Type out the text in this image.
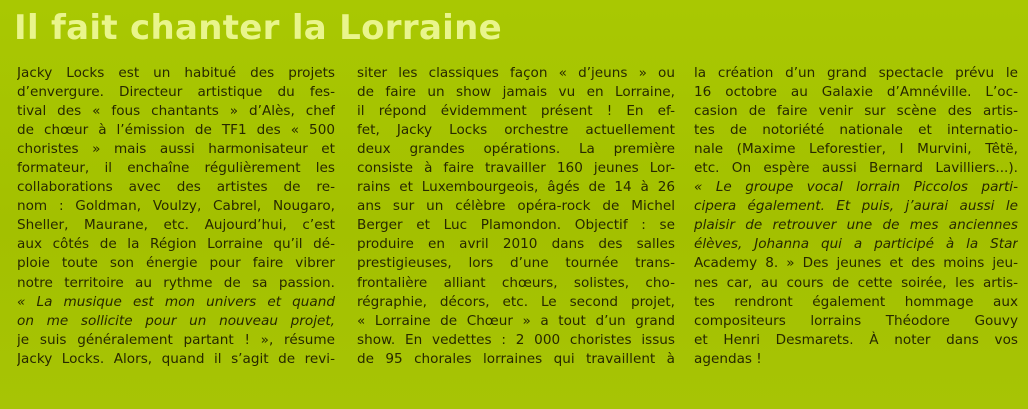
Il fait chanter la Lorraine
Jacky Locks est un habitué des projets
d’envergure. Directeur artistique du fes-
tival des « fous chantants » d’Alès, chef
de chœur à l’émission de TF1 des « 500
choristes » mais aussi harmonisateur et
formateur, il enchaîne régulièrement les
collaborations avec des artistes de re-
nom : Goldman, Voulzy, Cabrel, Nougaro,
Sheller, Maurane, etc. Aujourd’hui, c’est
aux côtés de la Région Lorraine qu’il dé-
ploie toute son énergie pour faire vibrer
notre territoire au rythme de sa passion.
« La musique est mon univers et quand
on me sollicite pour un nouveau projet,
je suis généralement partant ! », résume
Jacky Locks. Alors, quand il s’agit de revi-
siter les classiques façon « d’jeuns » ou
de faire un show jamais vu en Lorraine,
il répond évidemment présent ! En ef-
fet, Jacky Locks orchestre actuellement
deux grandes opérations. La première
consiste à faire travailler 160 jeunes Lor-
rains et Luxembourgeois, âgés de 14 à 26
ans sur un célèbre opéra-rock de Michel
Berger et Luc Plamondon. Objectif : se
produire en avril 2010 dans des salles
prestigieuses, lors d’une tournée trans-
frontalière alliant chœurs, solistes, cho-
régraphie, décors, etc. Le second projet,
« Lorraine de Chœur » a tout d’un grand
show. En vedettes : 2 000 choristes issus
de 95 chorales lorraines qui travaillent à
la création d’un grand spectacle prévu le
16 octobre au Galaxie d’Amnéville. L’oc-
casion de faire venir sur scène des artis-
tes de notoriété nationale et internatio-
nale (Maxime Leforestier, I Murvini, Têtë,
etc. On espère aussi Bernard Lavilliers...).
« Le groupe vocal lorrain Piccolos parti-
cipera également. Et puis, j’aurai aussi le
plaisir de retrouver une de mes anciennes
élèves, Johanna qui a participé à la Star
Academy 8. » Des jeunes et des moins jeu-
nes car, au cours de cette soirée, les artis-
tes rendront également hommage aux
compositeurs lorrains Théodore Gouvy
et Henri Desmarets. À noter dans vos
agendas !
